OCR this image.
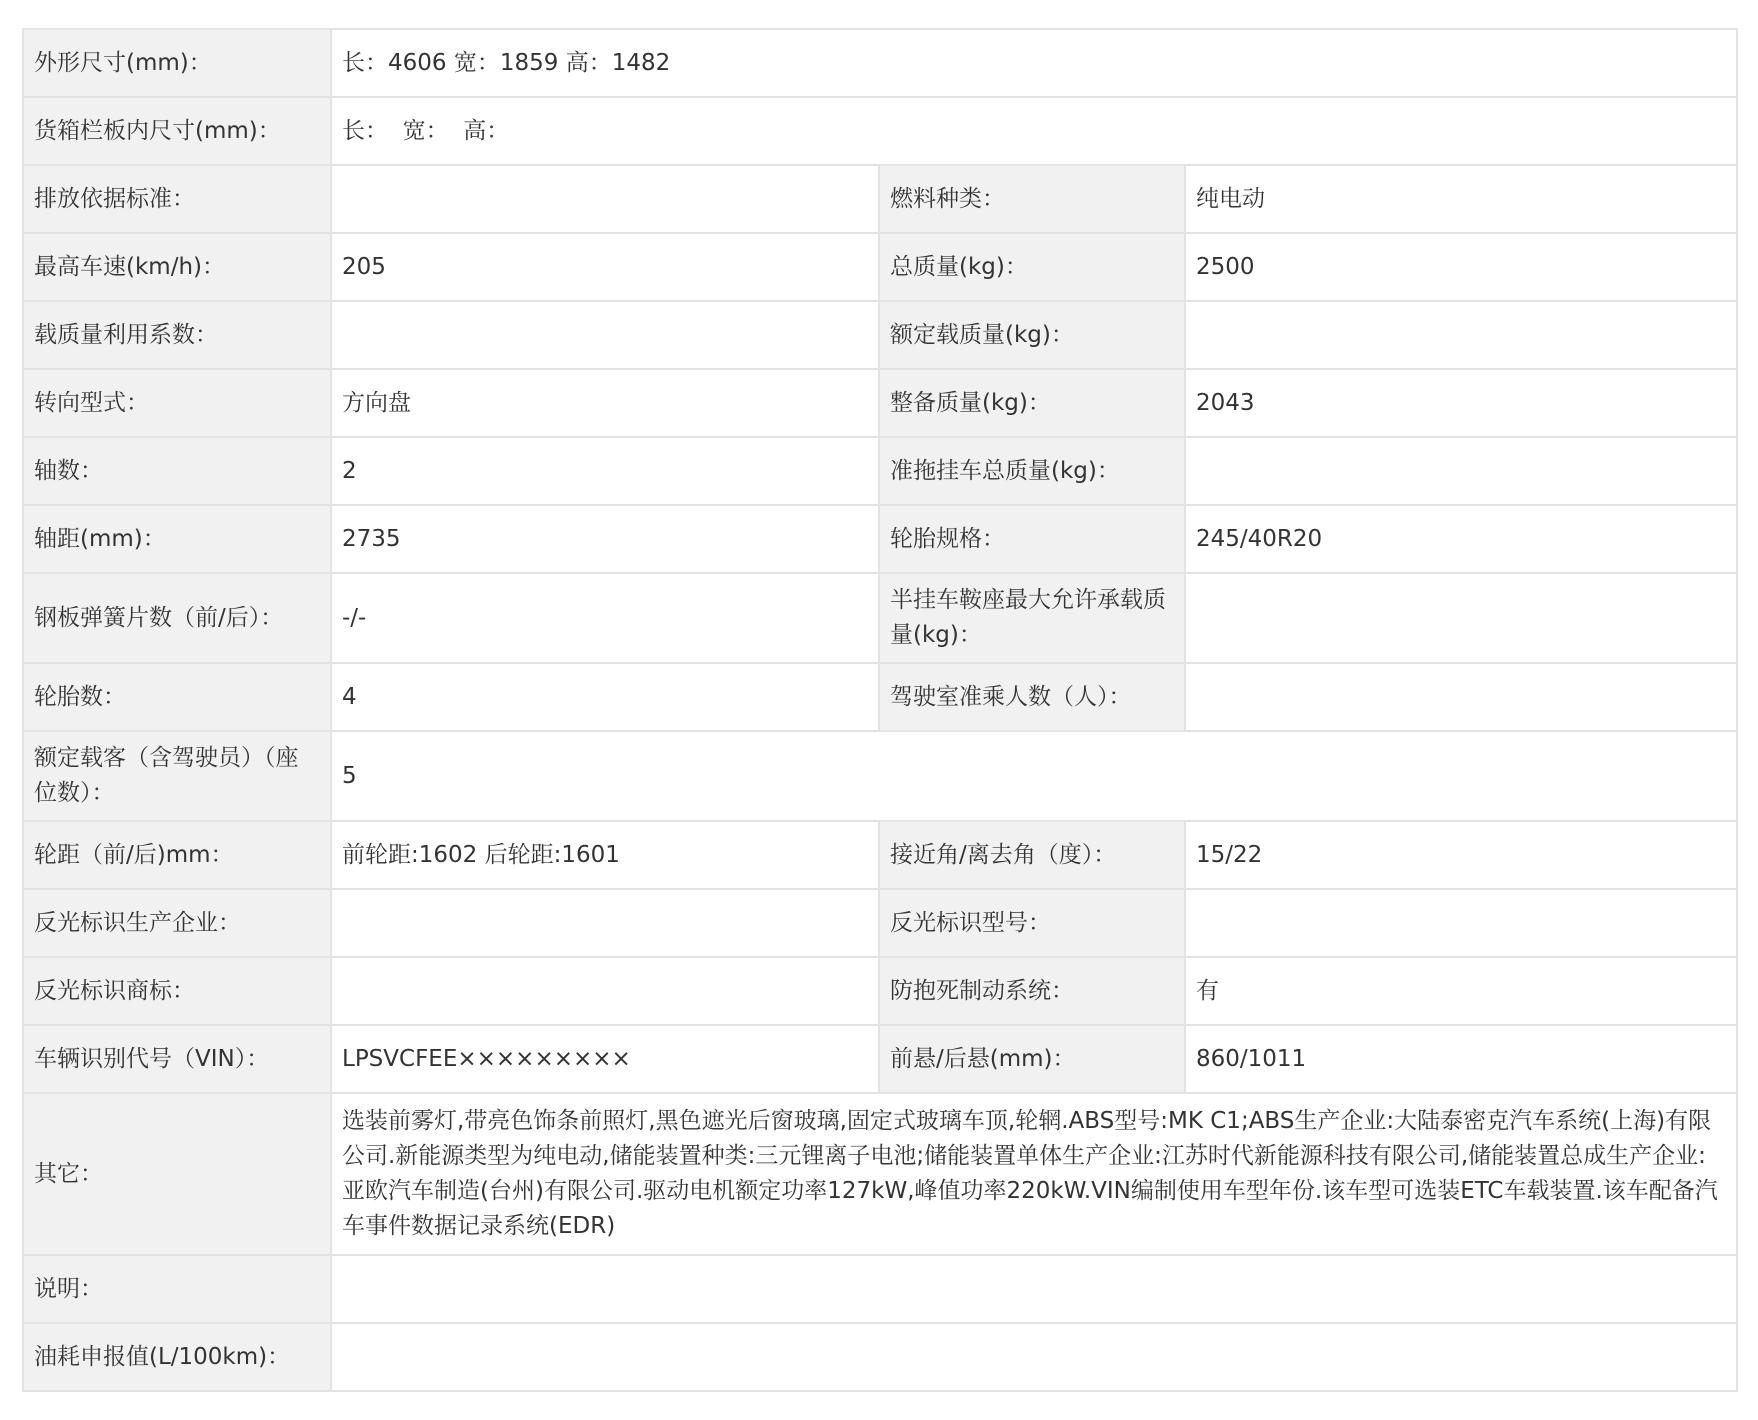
外形尺寸(mm)：	长：4606 宽：1859 高：1482		
货箱栏板内尺寸(mm)：	长：  宽：  高：		
排放依据标准：		燃料种类：	纯电动
最高车速(km/h)：	205	总质量(kg)：	2500
载质量利用系数：		额定载质量(kg)：	
转向型式：	方向盘	整备质量(kg)：	2043
轴数：	2	准拖挂车总质量(kg)：	
轴距(mm)：	2735	轮胎规格：	245/40R20
钢板弹簧片数（前/后）：	-/-	半挂车鞍座最大允许承载质量(kg)：	
轮胎数：	4	驾驶室准乘人数（人）：	
额定载客（含驾驶员）（座位数）：	5		
轮距（前/后)mm：	前轮距:1602 后轮距:1601	接近角/离去角（度）：	15/22
反光标识生产企业：		反光标识型号：	
反光标识商标：		防抱死制动系统：	有
车辆识别代号（VIN）：	LPSVCFEE×××××××××	前悬/后悬(mm)：	860/1011
其它：	选装前雾灯,带亮色饰条前照灯,黑色遮光后窗玻璃,固定式玻璃车顶,轮辋.ABS型号:MK C1;ABS生产企业:大陆泰密克汽车系统(上海)有限公司.新能源类型为纯电动,储能装置种类:三元锂离子电池;储能装置单体生产企业:江苏时代新能源科技有限公司,储能装置总成生产企业:亚欧汽车制造(台州)有限公司.驱动电机额定功率127kW,峰值功率220kW.VIN编制使用车型年份.该车型可选装ETC车载装置.该车配备汽车事件数据记录系统(EDR)		
说明：			
油耗申报值(L/100km)：			
